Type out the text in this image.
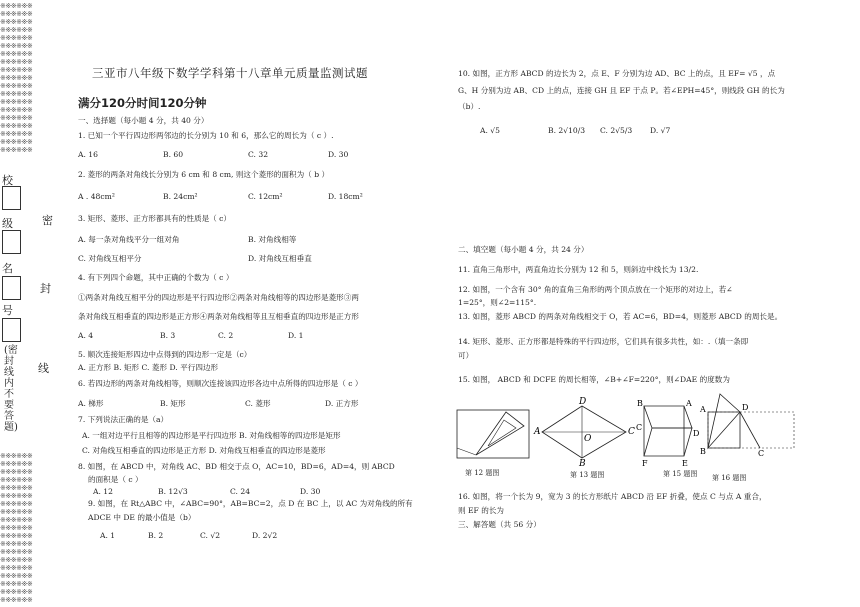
※※※※※※
※※※※※※
※※※※※※
※※※※※※
※※※※※※
※※※※※※
※※※※※※
※※※※※※
※※※※※※
※※※※※※
※※※※※※
※※※※※※
※※※※※※
※※※※※※
※※※※※※
※※※※※※
※※※※※※
※※※※※※
※※※※※※
校
级
名
号
密
封
线
(密封线内不要答题)
※※※※※※
※※※※※※
※※※※※※
※※※※※※
※※※※※※
※※※※※※
※※※※※※
※※※※※※
※※※※※※
※※※※※※
※※※※※※
※※※※※※
※※※※※※
※※※※※※
※※※※※※
※※※※※※
※※※※※※
※※※※※※
※※※※※※
三亚市八年级下数学学科第十八章单元质量监测试题
满分120分时间120分钟
一、选择题（每小题 4 分，共 40 分）
1. 已知一个平行四边形两邻边的长分别为 10 和 6，那么它的周长为（ c ）.
A. 16	B. 60	C. 32	D. 30
2. 菱形的两条对角线长分别为 6 cm 和 8 cm, 则这个菱形的面积为（ b ）
A . 48cm²	B. 24cm²	C. 12cm²	D. 18cm²
3. 矩形、菱形、正方形都具有的性质是（ c）
A. 每一条对角线平分一组对角	B. 对角线相等
C. 对角线互相平分	D. 对角线互相垂直
4. 有下列四个命题，其中正确的个数为（ c ）
①两条对角线互相平分的四边形是平行四边形②两条对角线相等的四边形是菱形③两
条对角线互相垂直的四边形是正方形④两条对角线相等且互相垂直的四边形是正方形
A. 4	B. 3	C. 2	D. 1
5. 顺次连接矩形四边中点得到的四边形一定是（c）
A. 正方形 B. 矩形 C. 菱形 D. 平行四边形
6. 若四边形的两条对角线相等，则顺次连接该四边形各边中点所得的四边形是（ c ）
A. 梯形	B. 矩形	C. 菱形	D. 正方形
7. 下列说法正确的是（a）
A. 一组对边平行且相等的四边形是平行四边形 B. 对角线相等的四边形是矩形
C. 对角线互相垂直的四边形是正方形 D. 对角线互相垂直的四边形是菱形
8. 如图，在 ABCD 中，对角线 AC、BD 相交于点 O，AC=10，BD=6，AD=4，则 ABCD
的面积是（ c ）
A. 12	B. 12√3	C. 24	D. 30
9. 如图，在 Rt△ABC 中，∠ABC=90°，AB=BC=2，点 D 在 BC 上，以 AC 为对角线的所有
ADCE 中 DE 的最小值是（b）
A. 1	B. 2	C. √2	D. 2√2
10. 如图，正方形 ABCD 的边长为 2，点 E、F 分别为边 AD、BC 上的点，且 EF= √5 ，点
G、H 分别为边 AB、CD 上的点，连接 GH 且 EF 于点 P。若∠EPH=45°，则线段 GH 的长为
（b）.
A. √5	B. 2√10/3 C. 2√5/3 D. √7
二、填空题（每小题 4 分，共 24 分）
11. 直角三角形中，两直角边长分别为 12 和 5，则斜边中线长为 13/2.
12. 如图，一个含有 30° 角的直角三角形的两个顶点放在一个矩形的对边上，若∠
1=25°，则∠2=115°.
13. 如图，菱形 ABCD 的两条对角线相交于 O，若 AC=6，BD=4，则菱形 ABCD 的周长是。
14. 矩形、菱形、正方形都是特殊的平行四边形，它们具有很多共性，如：.（填一条即
可）
15. 如图， ABCD 和 DCFE 的周长相等，∠B+∠F=220°，则∠DAE 的度数为
第 12 题图
A
D
C
B
O
第 13 题图
B	A
C
D
F	E
第 15 题图
A
B
D
C
第 16 题图
16. 如图，将一个长为 9，宽为 3 的长方形纸片 ABCD 沿 EF 折叠，使点 C 与点 A 重合，
则 EF 的长为
三、解答题（共 56 分）
